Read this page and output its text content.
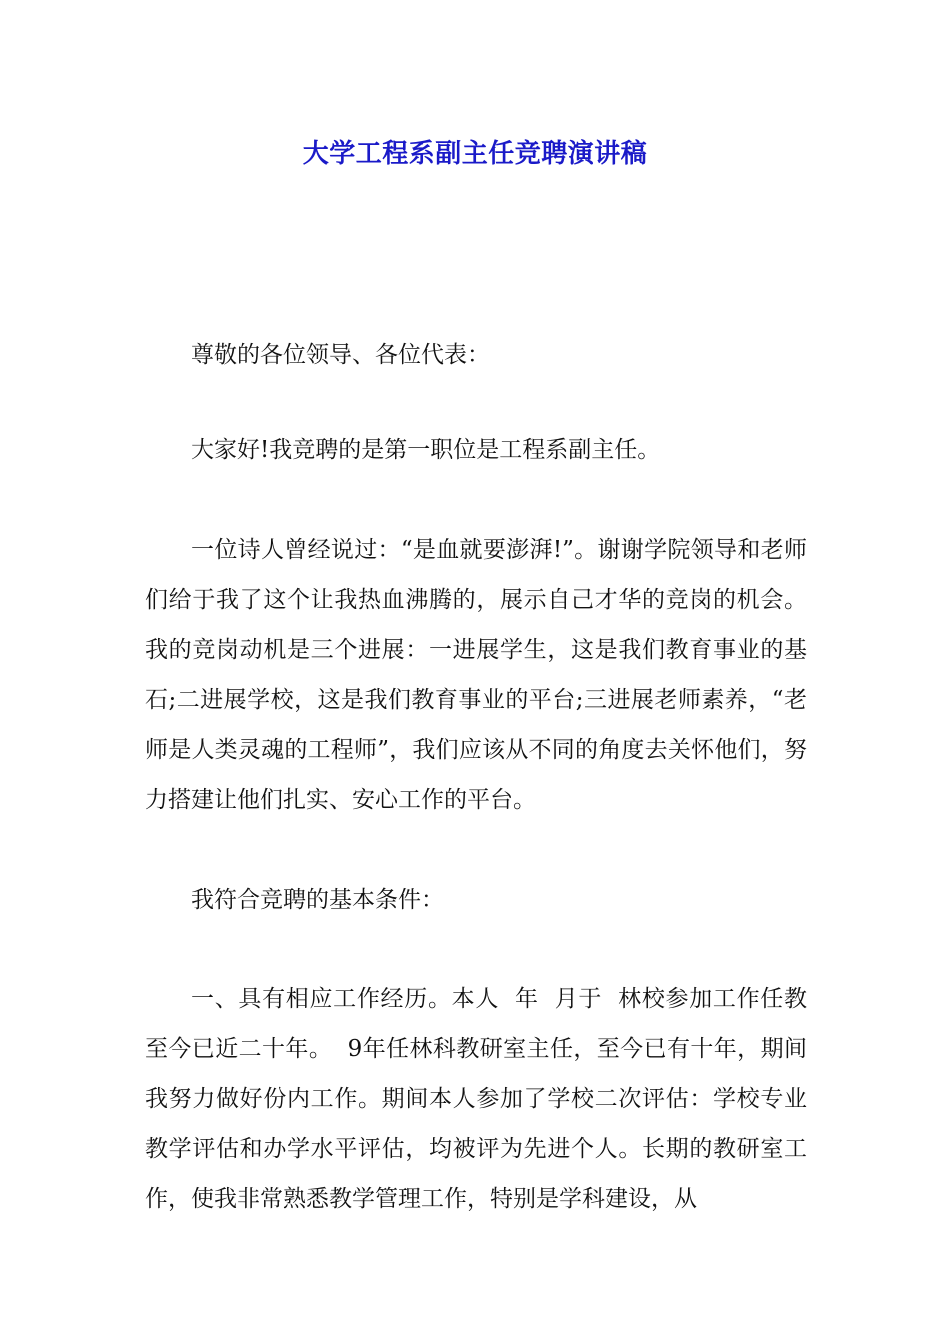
大学工程系副主任竞聘演讲稿

尊敬的各位领导、各位代表：

大家好!我竞聘的是第一职位是工程系副主任。

一位诗人曾经说过：“是血就要澎湃!”。谢谢学院领导和老师们给于我了这个让我热血沸腾的，展示自己才华的竞岗的机会。我的竞岗动机是三个进展：一进展学生，这是我们教育事业的基石;二进展学校，这是我们教育事业的平台;三进展老师素养，“老师是人类灵魂的工程师”，我们应该从不同的角度去关怀他们，努力搭建让他们扎实、安心工作的平台。

我符合竞聘的基本条件：

一、具有相应工作经历。本人  年  月于  林校参加工作任教至今已近二十年。  9年任林科教研室主任，至今已有十年，期间我努力做好份内工作。期间本人参加了学校二次评估：学校专业教学评估和办学水平评估，均被评为先进个人。长期的教研室工作，使我非常熟悉教学管理工作，特别是学科建设，从
